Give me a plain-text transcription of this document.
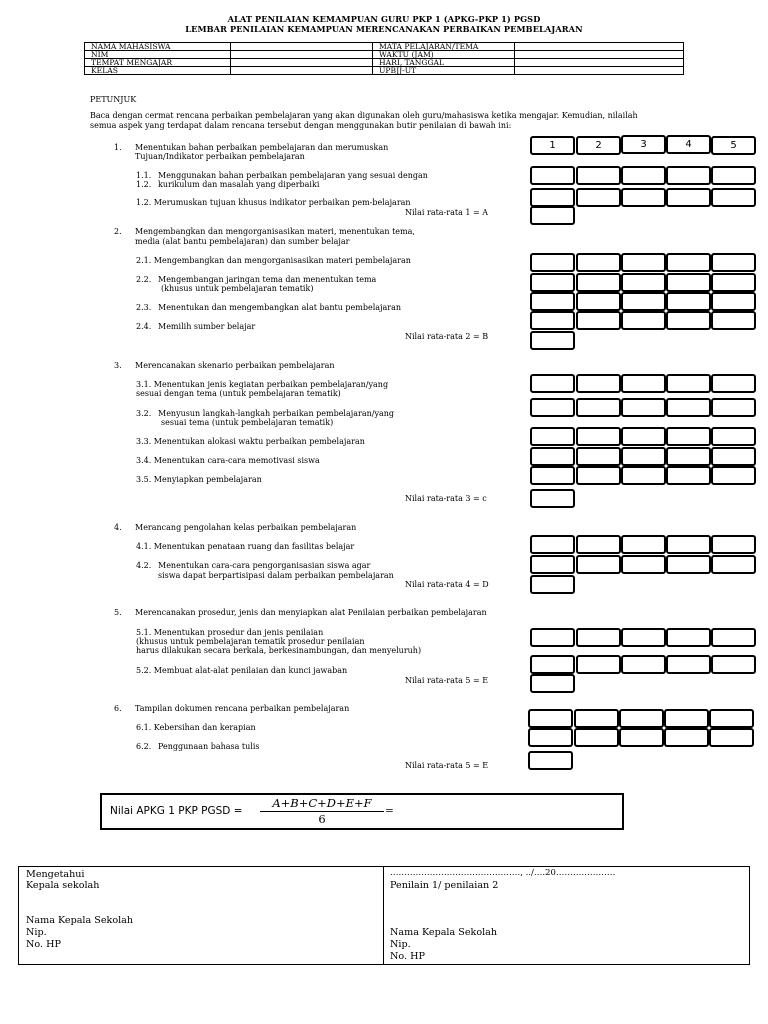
ALAT PENILAIAN KEMAMPUAN GURU PKP 1 (APKG-PKP 1) PGSD
LEMBAR PENILAIAN KEMAMPUAN MERENCANAKAN PERBAIKAN PEMBELAJARAN
NAMA MAHASISWA		MATA PELAJARAN/TEMA	
NIM		WAKTU (JAM)	
TEMPAT MENGAJAR		HARI, TANGGAL	
KELAS		UPBJJ-UT	
PETUNJUK
Baca dengan cermat rencana perbaikan pembelajaran yang akan digunakan oleh guru/mahasiswa ketika mengajar. Kemudian, nilailah
semua aspek yang terdapat dalam rencana tersebut dengan menggunakan butir penilaian di bawah ini:
1	2	3	4	5
1. Menentukan bahan perbaikan pembelajaran dan merumuskan
Tujuan/Indikator perbaikan pembelajaran
1.1. Menggunakan bahan perbaikan pembelajaran yang sesuai dengan
1.2. kurikulum dan masalah yang diperbaiki
1.2. Merumuskan tujuan khusus indikator perbaikan pem-belajaran
Nilai rata-rata 1 = A
2. Mengembangkan dan mengorganisasikan materi, menentukan tema,
media (alat bantu pembelajaran) dan sumber belajar
2.1. Mengembangkan dan mengorganisasikan materi pembelajaran
2.2. Mengembangan jaringan tema dan menentukan tema
(khusus untuk pembelajaran tematik)
2.3. Menentukan dan mengembangkan alat bantu pembelajaran
2.4. Memilih sumber belajar
Nilai rata-rata 2 = B
3. Merencanakan skenario perbaikan pembelajaran
3.1. Menentukan jenis kegiatan perbaikan pembelajaran/yang
sesuai dengan tema (untuk pembelajaran tematik)
3.2. Menyusun langkah-langkah perbaikan pembelajaran/yang
sesuai tema (untuk pembelajaran tematik)
3.3. Menentukan alokasi waktu perbaikan pembelajaran
3.4. Menentukan cara-cara memotivasi siswa
3.5. Menyiapkan pembelajaran
Nilai rata-rata 3 = c
4. Merancang pengolahan kelas perbaikan pembelajaran
4.1. Menentukan penataan ruang dan fasilitas belajar
4.2. Menentukan cara-cara pengorganisasian siswa agar
siswa dapat berpartisipasi dalam perbaikan pembelajaran
Nilai rata-rata 4 = D
5. Merencanakan prosedur, jenis dan menyiapkan alat Penilaian perbaikan pembelajaran
5.1. Menentukan prosedur dan jenis penilaian
(khusus untuk pembelajaran tematik prosedur penilaian
harus dilakukan secara berkala, berkesinambungan, dan menyeluruh)
5.2. Membuat alat-alat penilaian dan kunci jawaban
Nilai rata-rata 5 = E
6. Tampilan dokumen rencana perbaikan pembelajaran
6.1. Kebersihan dan kerapian
6.2. Penggunaan bahasa tulis
Nilai rata-rata 5 = E
Nilai APKG 1 PKP PGSD =
A+B+C+D+E+F
6
=
Mengetahui
Kepala sekolah
Nama Kepala Sekolah
Nip.
No. HP
………………………………………., ../….20…………………
Penilain 1/ penilaian 2
Nama Kepala Sekolah
Nip.
No. HP
